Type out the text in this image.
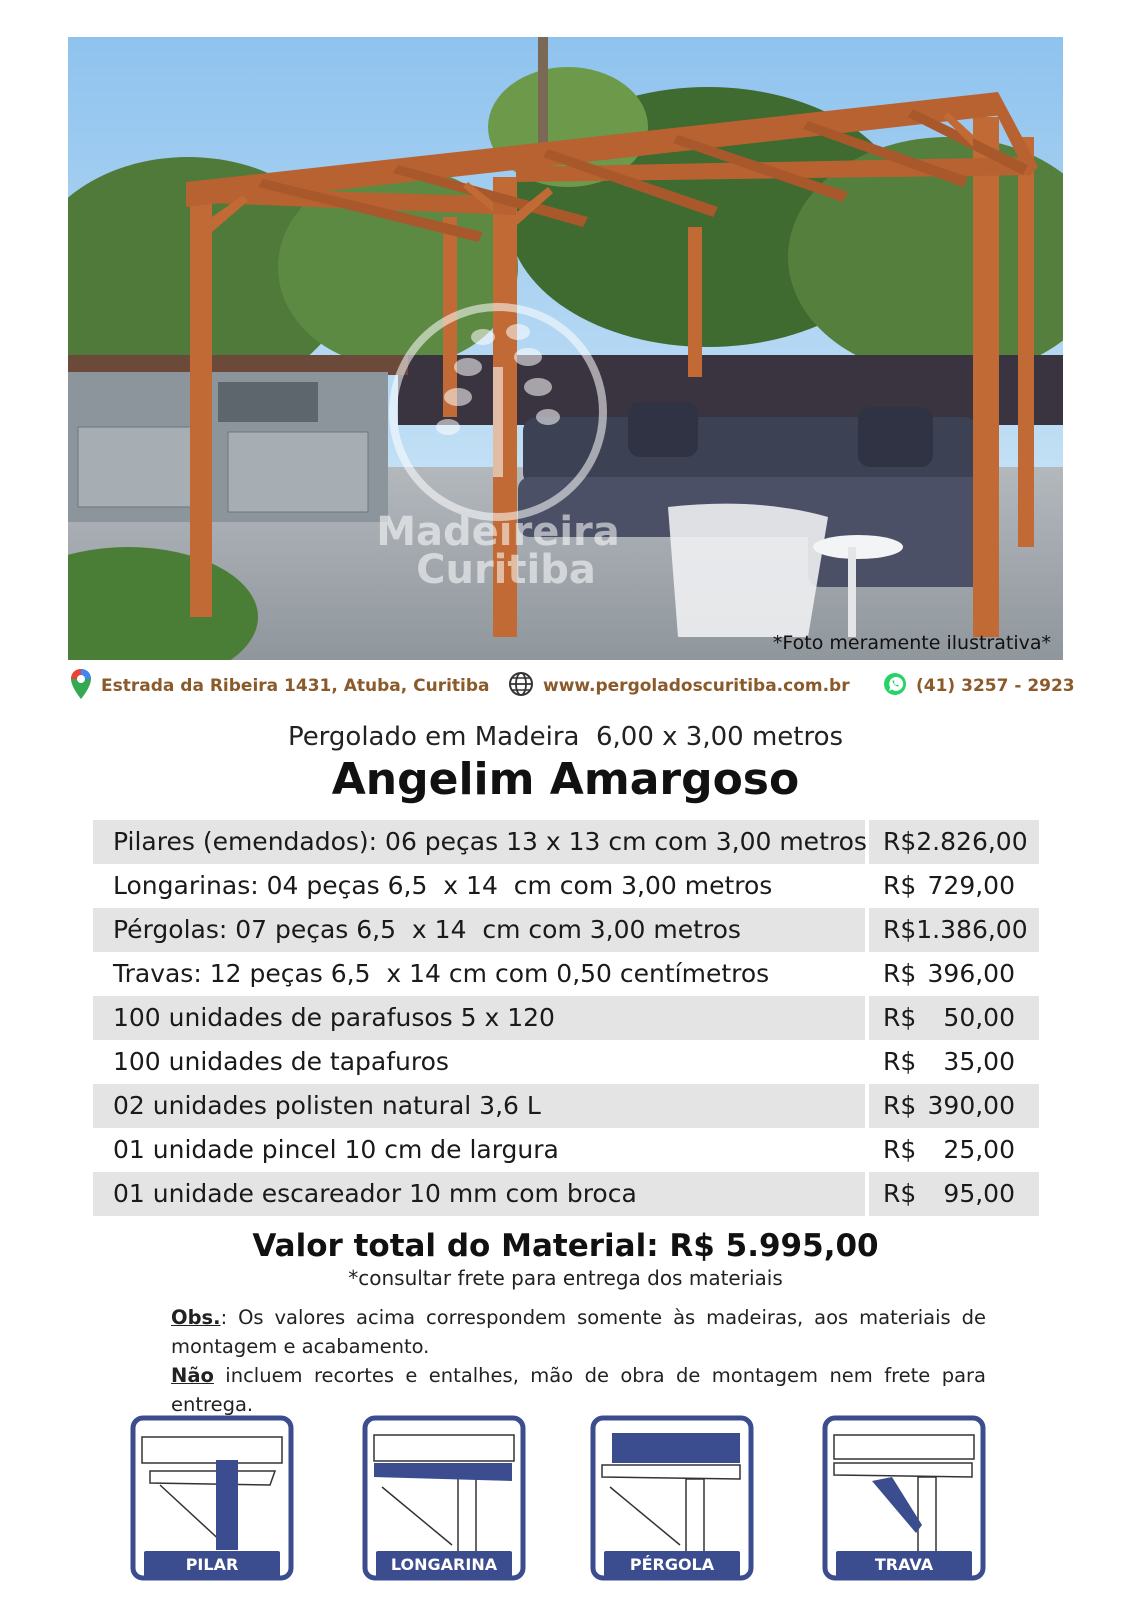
Madeireira
Curitiba
*Foto meramente ilustrativa*
Estrada da Ribeira 1431, Atuba, Curitiba	www.pergoladoscuritiba.com.br	(41) 3257 - 2923
Pergolado em Madeira 6,00 x 3,00 metros
Angelim Amargoso
Pilares (emendados): 06 peças 13 x 13 cm com 3,00 metros R$ 2.826,00
Longarinas: 04 peças 6,5  x 14  cm com 3,00 metros	R$ 729,00
Pérgolas: 07 peças 6,5  x 14  cm com 3,00 metros	R$ 1.386,00
Travas: 12 peças 6,5  x 14 cm com 0,50 centímetros	R$ 396,00
100 unidades de parafusos 5 x 120	R$ 50,00
100 unidades de tapafuros	R$ 35,00
02 unidades polisten natural 3,6 L	R$ 390,00
01 unidade pincel 10 cm de largura	R$ 25,00
01 unidade escareador 10 mm com broca	R$ 95,00
Valor total do Material: R$ 5.995,00
*consultar frete para entrega dos materiais

Obs.: Os valores acima correspondem somente às madeiras, aos materiais de montagem e acabamento.

Não incluem recortes e entalhes, mão de obra de montagem nem frete para entrega.

PILAR	LONGARINA	PÉRGOLA	TRAVA
